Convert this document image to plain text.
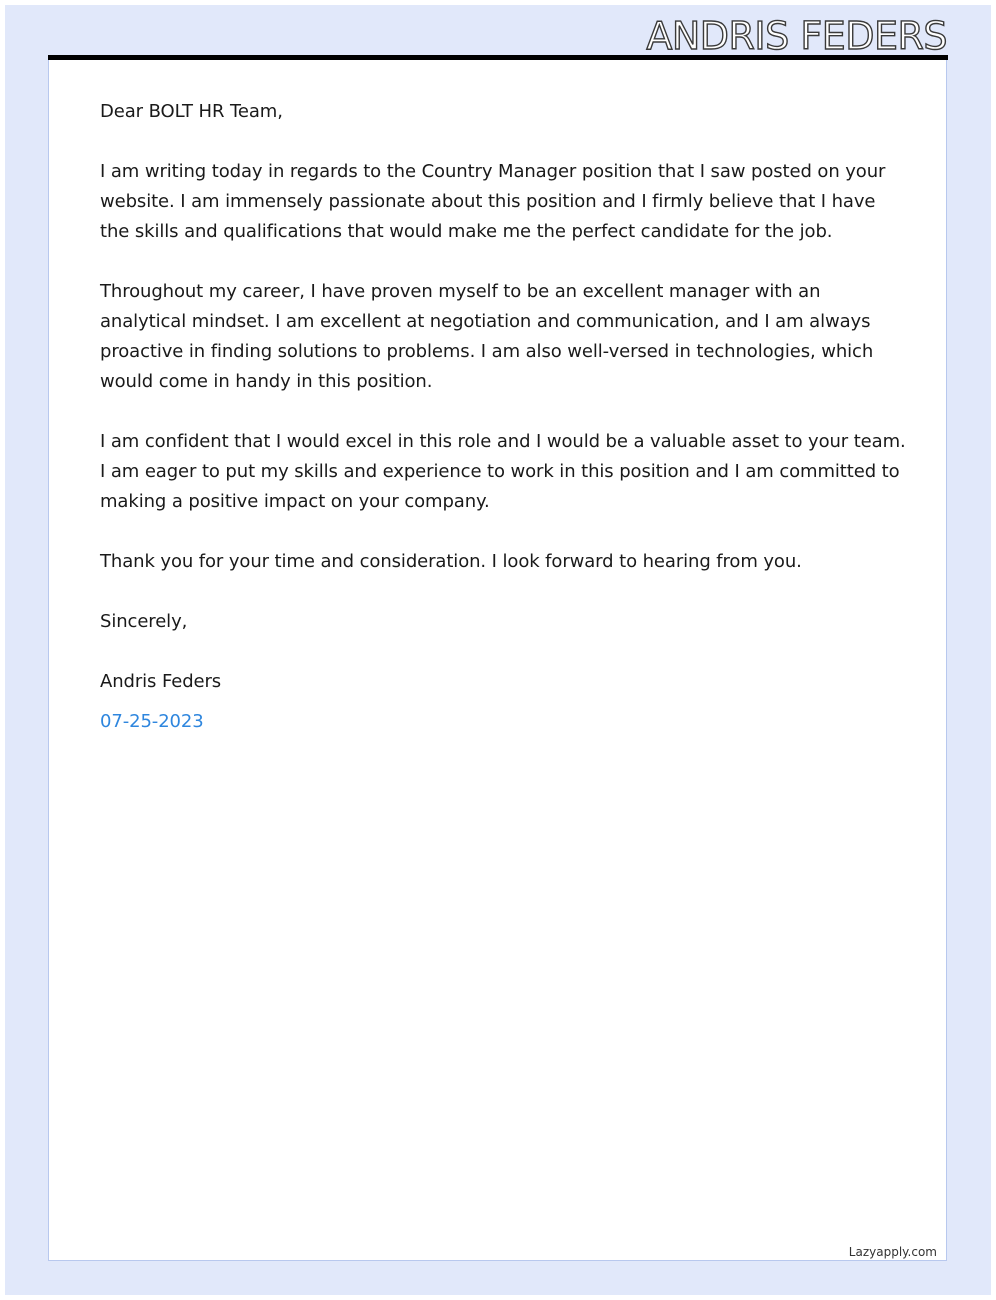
ANDRIS FEDERS

Dear BOLT HR Team,

I am writing today in regards to the Country Manager position that I saw posted on your website. I am immensely passionate about this position and I firmly believe that I have the skills and qualifications that would make me the perfect candidate for the job.

Throughout my career, I have proven myself to be an excellent manager with an analytical mindset. I am excellent at negotiation and communication, and I am always proactive in finding solutions to problems. I am also well-versed in technologies, which would come in handy in this position.

I am confident that I would excel in this role and I would be a valuable asset to your team. I am eager to put my skills and experience to work in this position and I am committed to making a positive impact on your company.

Thank you for your time and consideration. I look forward to hearing from you.

Sincerely,

Andris Feders

07-25-2023

Lazyapply.com
